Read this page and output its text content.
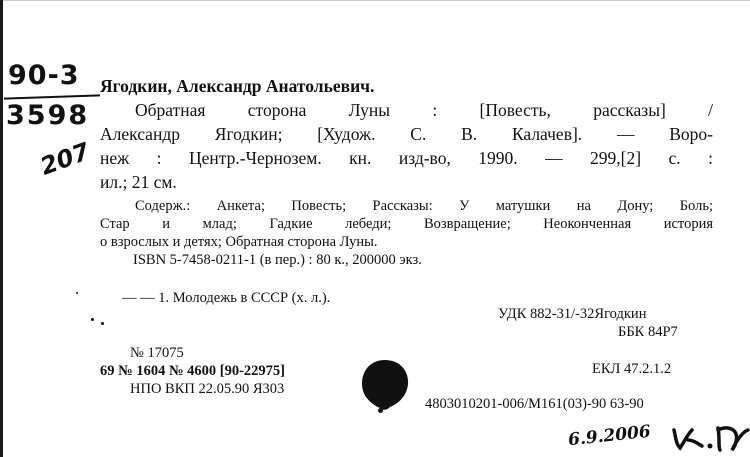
90-3
3598
207
Ягодкин, Александр Анатольевич.
Обратная сторона Луны : [Повесть, рассказы] /
Александр Ягодкин; [Худож. С. В. Калачев]. — Воро-
неж : Центр.-Чернозем. кн. изд-во, 1990. — 299,[2] с. :
ил.; 21 см.
Содерж.: Анкета; Повесть; Рассказы: У матушки на Дону; Боль;
Стар и млад; Гадкие лебеди; Возвращение; Неоконченная история
о взрослых и детях; Обратная сторона Луны.
ISBN 5-7458-0211-1 (в пер.) : 80 к., 200000 экз.
— — 1. Молодежь в СССР (х. л.).
УДК 882-31/-32Ягодкин
ББК 84Р7
ЕКЛ 47.2.1.2
№ 17075
69 № 1604 № 4600 [90-22975]
НПО ВКП 22.05.90 Я303
4803010201-006/М161(03)-90 63-90
6.9.2006
